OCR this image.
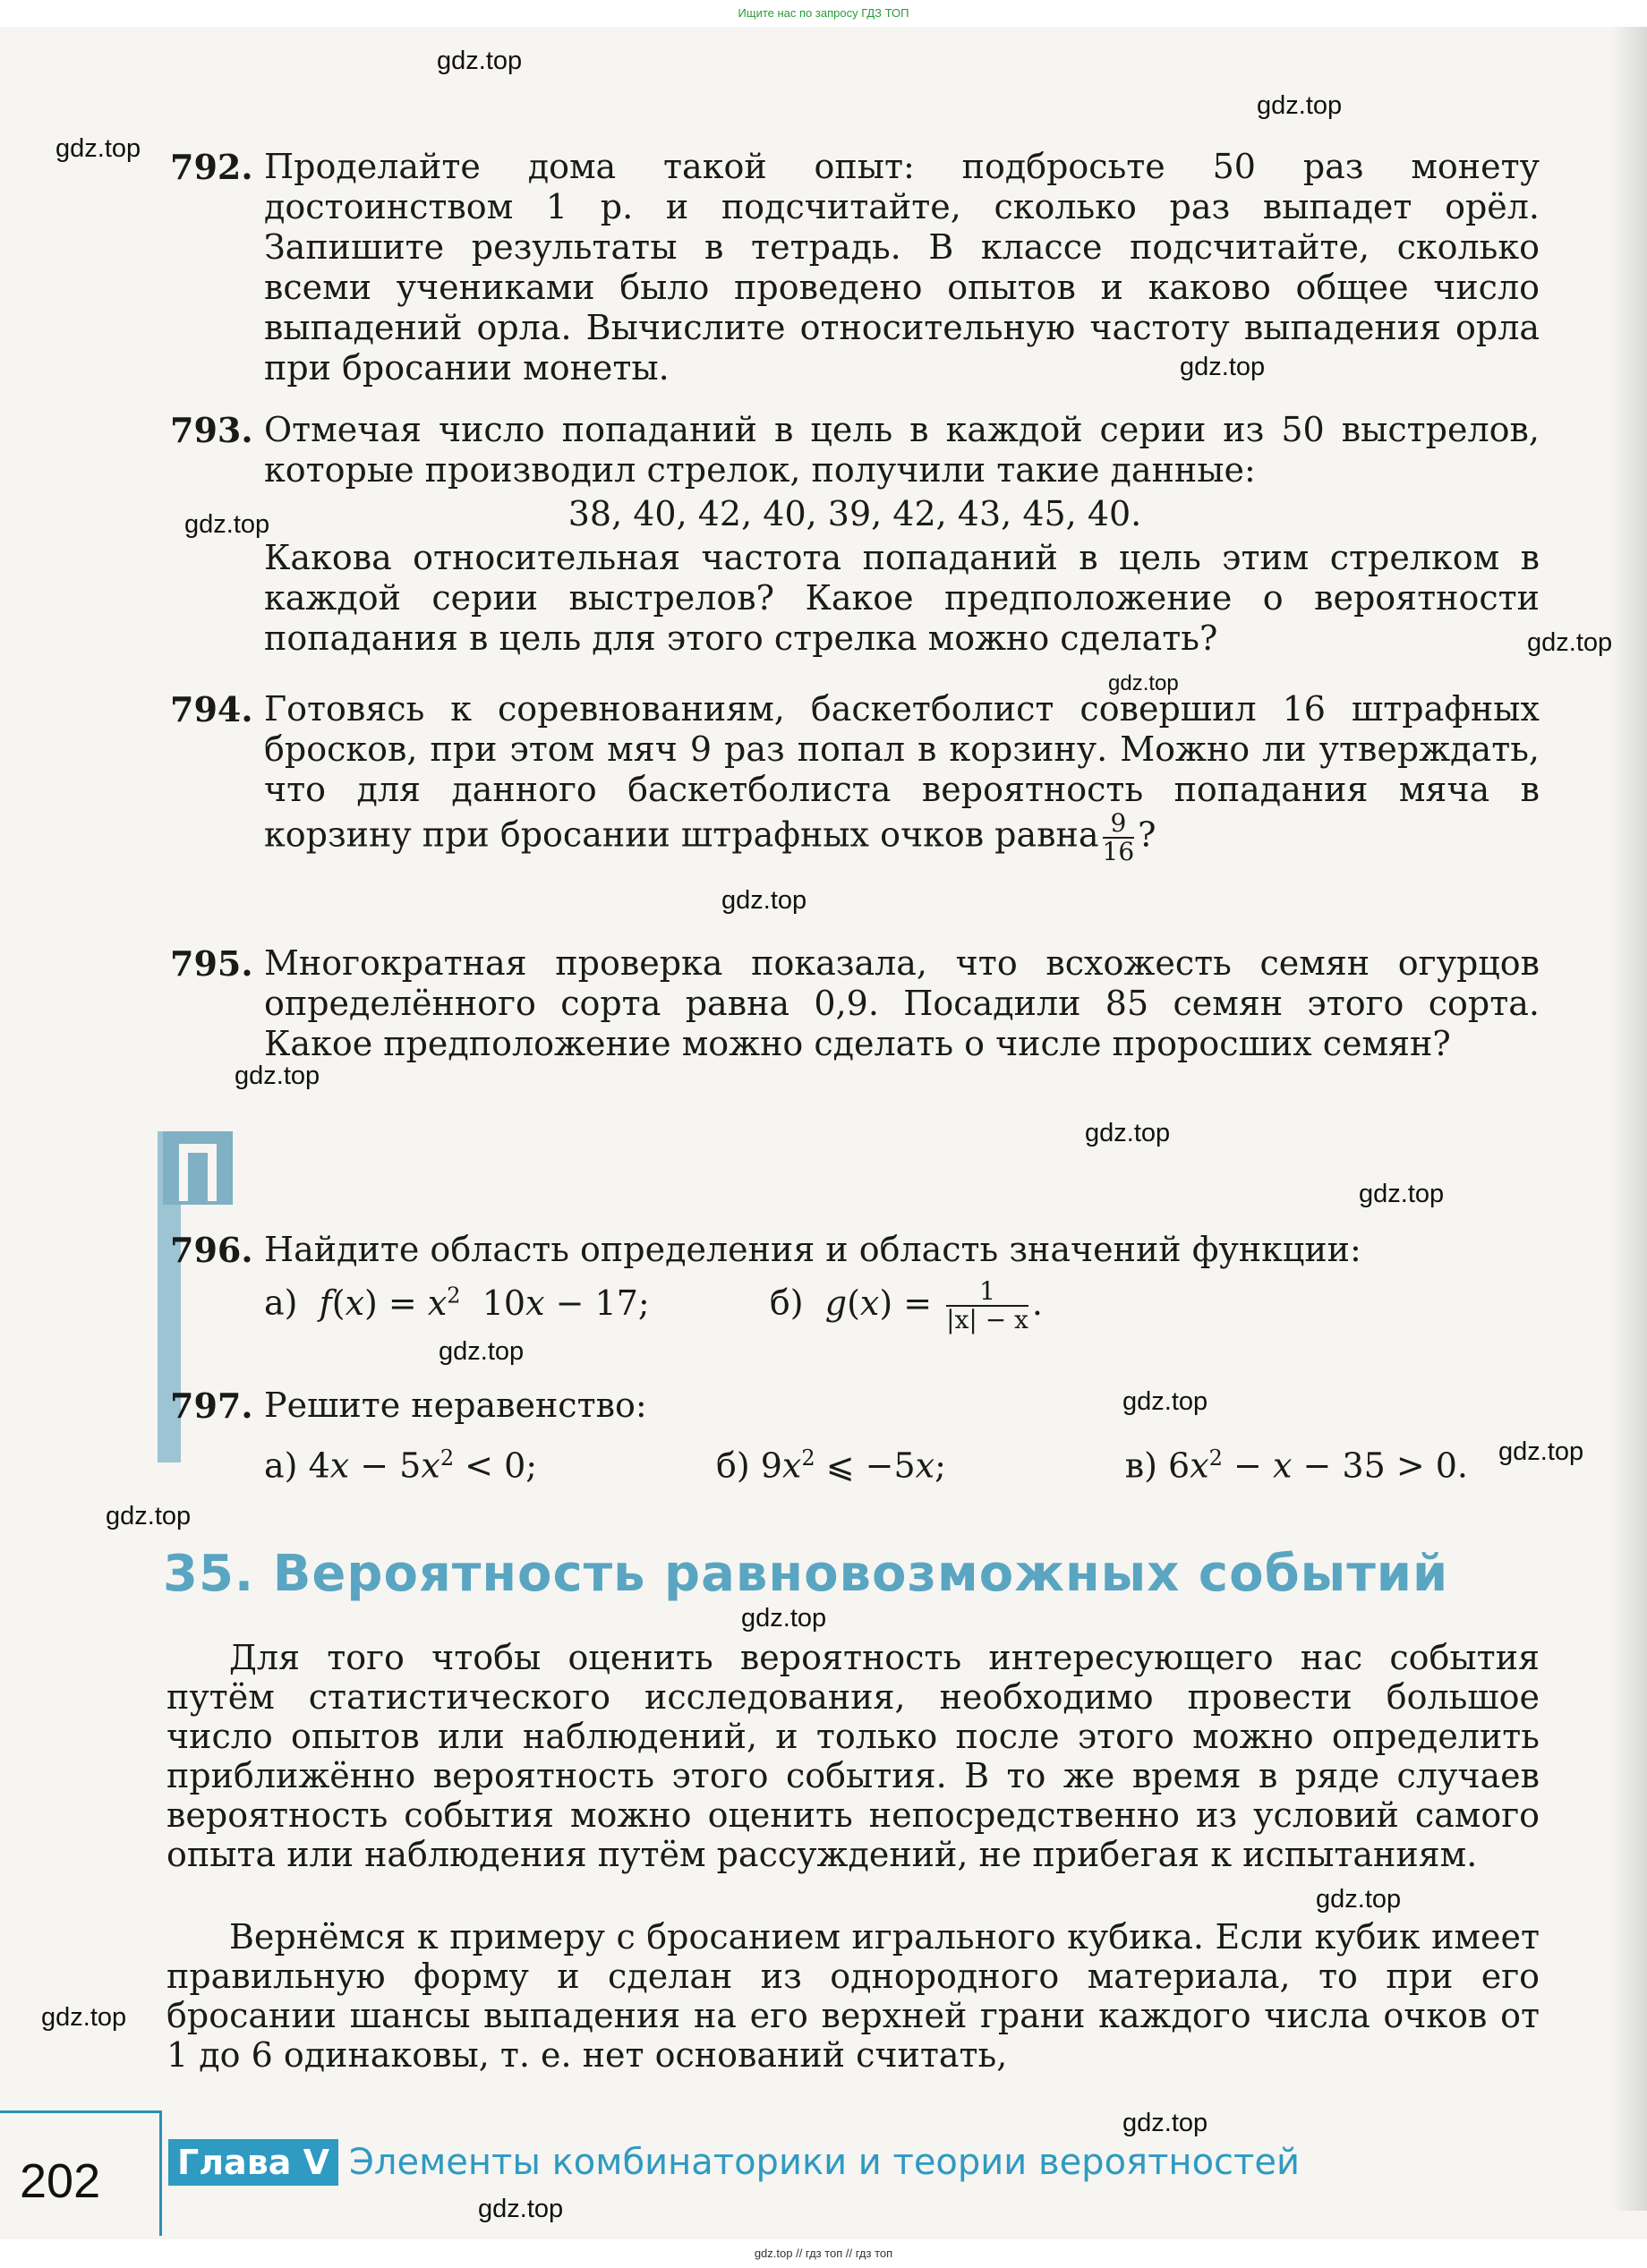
Ищите нас по запросу ГДЗ ТОП
gdz.top
gdz.top
gdz.top
gdz.top
gdz.top
gdz.top
gdz.top
gdz.top
gdz.top
gdz.top
gdz.top
gdz.top
gdz.top
gdz.top
gdz.top
gdz.top
gdz.top
gdz.top
gdz.top
gdz.top
792. Проделайте дома такой опыт: подбросьте 50 раз монету достоинством 1 р. и подсчитайте, сколько раз выпадет орёл. Запишите результаты в тетрадь. В классе подсчитайте, сколько всеми учениками было проведено опытов и каково общее число выпадений орла. Вычислите относительную частоту выпадения орла при бросании монеты.
793. Отмечая число попаданий в цель в каждой серии из 50 выстрелов, которые производил стрелок, получили такие данные:
38, 40, 42, 40, 39, 42, 43, 45, 40.
Какова относительная частота попаданий в цель этим стрелком в каждой серии выстрелов? Какое предположение о вероятности попадания в цель для этого стрелка можно сделать?
794. Готовясь к соревнованиям, баскетболист совершил 16 штрафных бросков, при этом мяч 9 раз попал в корзину. Можно ли утверждать, что для данного баскетболиста вероятность попадания мяча в корзину при бросании штрафных очков равна $\frac{9}{16}$ ?
795. Многократная проверка показала, что всхожесть семян огурцов определённого сорта равна 0,9. Посадили 85 семян этого сорта. Какое предположение можно сделать о числе проросших семян?
796. Найдите область определения и область значений функции:
а) $f(x) = x^2$  10x − 17;	б) $g(x) = \frac{1}{|x| - x}$ .
797. Решите неравенство:
а) $4x - 5x^2 < 0$;	б) $9x^2$ ⩽ −5x;	в) $6x^2 - x - 35 > 0$.
35. Вероятность равновозможных событий
Для того чтобы оценить вероятность интересующего нас события путём статистического исследования, необходимо провести большое число опытов или наблюдений, и только после этого можно определить приближённо вероятность этого события. В то же время в ряде случаев вероятность события можно оценить непосредственно из условий самого опыта или наблюдения путём рассуждений, не прибегая к испытаниям.
Вернёмся к примеру с бросанием игрального кубика. Если кубик имеет правильную форму и сделан из однородного материала, то при его бросании шансы выпадения на его верхней грани каждого числа очков от 1 до 6 одинаковы, т. е. нет оснований считать,
202 Глава V Элементы комбинаторики и теории вероятностей
gdz.top // гдз топ // гдз топ
